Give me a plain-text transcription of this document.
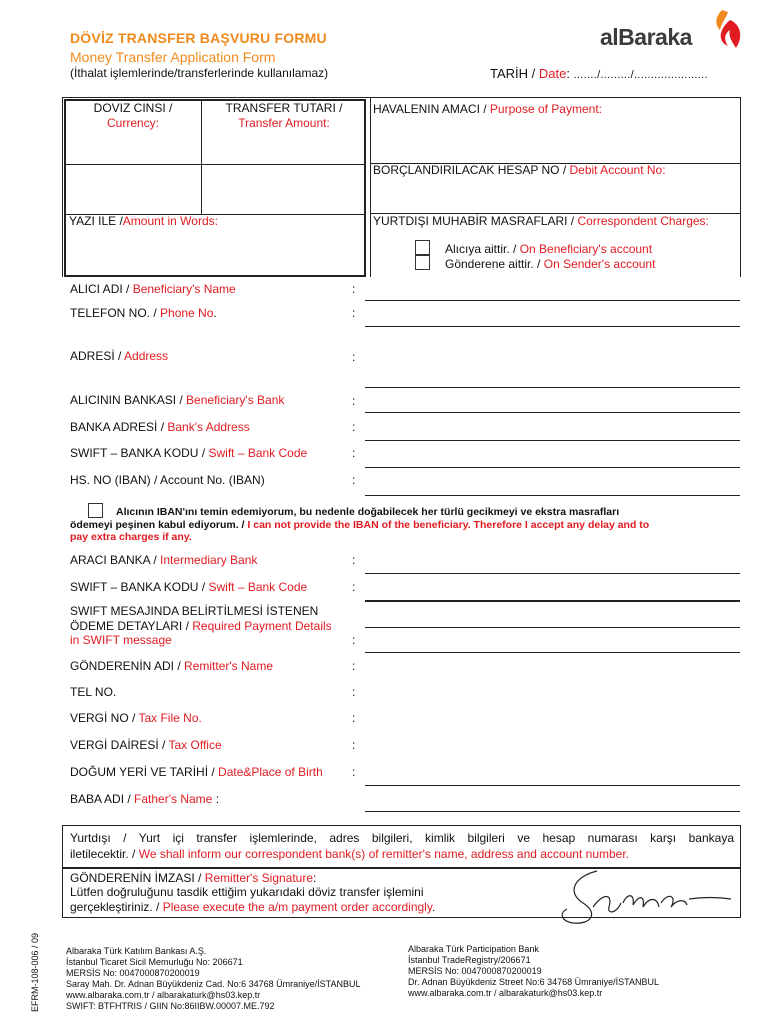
DÖVİZ TRANSFER BAŞVURU FORMU
Money Transfer Application Form
(İthalat işlemlerinde/transferlerinde kullanılamaz)	TARİH / Date: ......./........./......................
alBaraka
DOVIZ CINSI /
Currency:
TRANSFER TUTARI /
Transfer Amount:
YAZI ILE /Amount in Words:
HAVALENIN AMACI / Purpose of Payment:
BORÇLANDIRILACAK HESAP NO / Debit Account No:
YURTDIŞI MUHABİR MASRAFLARI / Correspondent Charges:
Alıcıya aittir. / On Beneficiary's account
Gönderene aittir. / On Sender's account
ALICI ADI / Beneficiary's Name	:
TELEFON NO. / Phone No.	:
ADRESİ / Address	:
ALICININ BANKASI / Beneficiary's Bank	:
BANKA ADRESİ / Bank's Address	:
SWIFT – BANKA KODU / Swift – Bank Code	:
HS. NO (IBAN) / Account No. (IBAN)	:
ARACI BANKA / Intermediary Bank	:
SWIFT – BANKA KODU / Swift – Bank Code	:
GÖNDERENİN ADI / Remitter's Name	:
TEL NO.	:
VERGİ NO / Tax File No.	:
VERGİ DAİRESİ / Tax Office	:
DOĞUM YERİ VE TARİHİ / Date&Place of Birth :
BABA ADI / Father's Name :
SWIFT MESAJINDA BELİRTİLMESİ İSTENEN
ÖDEME DETAYLARI / Required Payment Details
in SWIFT message	:
Alıcının IBAN'ını temin edemiyorum, bu nedenle doğabilecek her türlü gecikmeyi ve ekstra masrafları
ödemeyi peşinen kabul ediyorum. / I can not provide the IBAN of the beneficiary. Therefore I accept any delay and to
pay extra charges if any.
Yurtdışı / Yurt içi transfer işlemlerinde, adres bilgileri, kimlik bilgileri ve hesap numarası karşı bankaya
iletilecektir. / We shall inform our correspondent bank(s) of remitter's name, address and account number.
GÖNDERENİN İMZASI / Remitter's Signature:
Lütfen doğruluğunu tasdik ettiğim yukarıdaki döviz transfer işlemini
gerçekleştiriniz. / Please execute the a/m payment order accordingly.
Albaraka Türk Katılım Bankası A.Ş.
İstanbul Ticaret Sicil Memurluğu No: 206671
MERSİS No: 0047000870200019
Saray Mah. Dr. Adnan Büyükdeniz Cad. No:6 34768 Ümraniye/İSTANBUL
www.albaraka.com.tr / albarakaturk@hs03.kep.tr
SWIFT: BTFHTRIS / GIIN No:86IIBW.00007.ME.792
Albaraka Türk Participation Bank
İstanbul TradeRegistry/206671
MERSİS No: 0047000870200019
Dr. Adnan Büyükdeniz Street No:6 34768 Ümraniye/İSTANBUL
www.albaraka.com.tr / albarakaturk@hs03.kep.tr
EFRM-108-006 / 09
